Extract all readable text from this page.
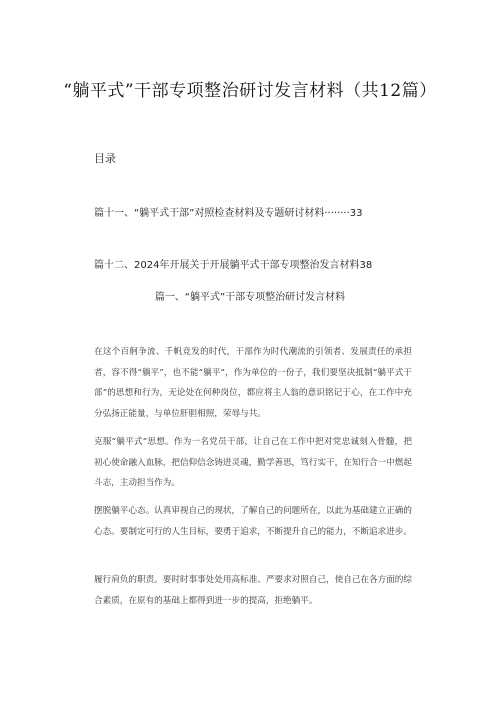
“躺平式”干部专项整治研讨发言材料（共12篇）
目录
篇十一、“躺平式干部”对照检查材料及专题研讨材料········33
篇十二、2024年开展关于开展躺平式干部专项整治发言材料38
篇一、“躺平式”干部专项整治研讨发言材料
在这个百舸争流、千帆竞发的时代，干部作为时代潮流的引领者、发展责任的承担者，容不得“躺平”，也不能“躺平”，作为单位的一份子，我们要坚决抵制“躺平式干部”的思想和行为，无论处在何种岗位，都应将主人翁的意识铭记于心，在工作中充分弘扬正能量，与单位肝胆相照，荣辱与共。
克服“躺平式”思想。作为一名党员干部，让自己在工作中把对党忠诚刻入骨髓，把初心使命融入血脉，把信仰信念铸进灵魂，勤学善思，笃行实干，在知行合一中燃起斗志，主动担当作为。
摆脱躺平心态。认真审视自己的现状，了解自己的问题所在，以此为基础建立正确的心态。要制定可行的人生目标，要勇于追求，不断提升自己的能力，不断追求进步。
履行肩负的职责。要时时事事处处用高标准、严要求对照自己，使自己在各方面的综合素质，在原有的基础上都得到进一步的提高，拒绝躺平。
